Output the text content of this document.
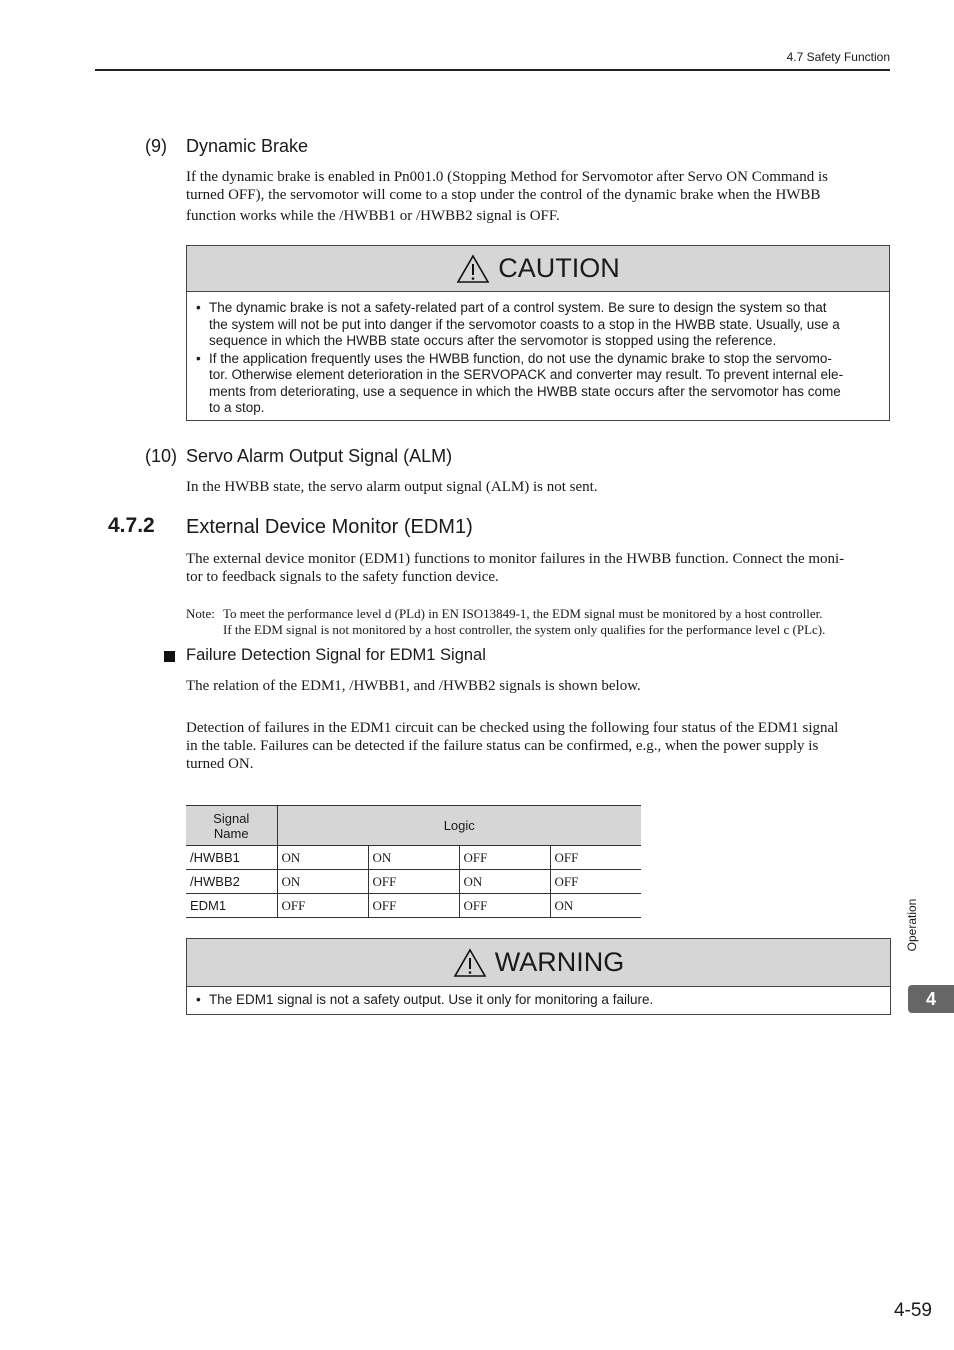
4.7 Safety Function
(9) Dynamic Brake
If the dynamic brake is enabled in Pn001.0 (Stopping Method for Servomotor after Servo ON Command is
turned OFF), the servomotor will come to a stop under the control of the dynamic brake when the HWBB
function works while the /HWBB1 or /HWBB2 signal is OFF.
CAUTION
• The dynamic brake is not a safety-related part of a control system. Be sure to design the system so that
the system will not be put into danger if the servomotor coasts to a stop in the HWBB state. Usually, use a
sequence in which the HWBB state occurs after the servomotor is stopped using the reference.
• If the application frequently uses the HWBB function, do not use the dynamic brake to stop the servomo-
tor. Otherwise element deterioration in the SERVOPACK and converter may result. To prevent internal ele-
ments from deteriorating, use a sequence in which the HWBB state occurs after the servomotor has come
to a stop.
(10) Servo Alarm Output Signal (ALM)
In the HWBB state, the servo alarm output signal (ALM) is not sent.
4.7.2 External Device Monitor (EDM1)
The external device monitor (EDM1) functions to monitor failures in the HWBB function. Connect the moni-
tor to feedback signals to the safety function device.
Note: To meet the performance level d (PLd) in EN ISO13849-1, the EDM signal must be monitored by a host controller.
If the EDM signal is not monitored by a host controller, the system only qualifies for the performance level c (PLc).
Failure Detection Signal for EDM1 Signal
The relation of the EDM1, /HWBB1, and /HWBB2 signals is shown below.
Detection of failures in the EDM1 circuit can be checked using the following four status of the EDM1 signal
in the table. Failures can be detected if the failure status can be confirmed, e.g., when the power supply is
turned ON.
Signal
Name	Logic			
/HWBB1	ON	ON	OFF	OFF
/HWBB2	ON	OFF	ON	OFF
EDM1	OFF	OFF	OFF	ON
WARNING
• The EDM1 signal is not a safety output. Use it only for monitoring a failure.
Operation
4
4-59
